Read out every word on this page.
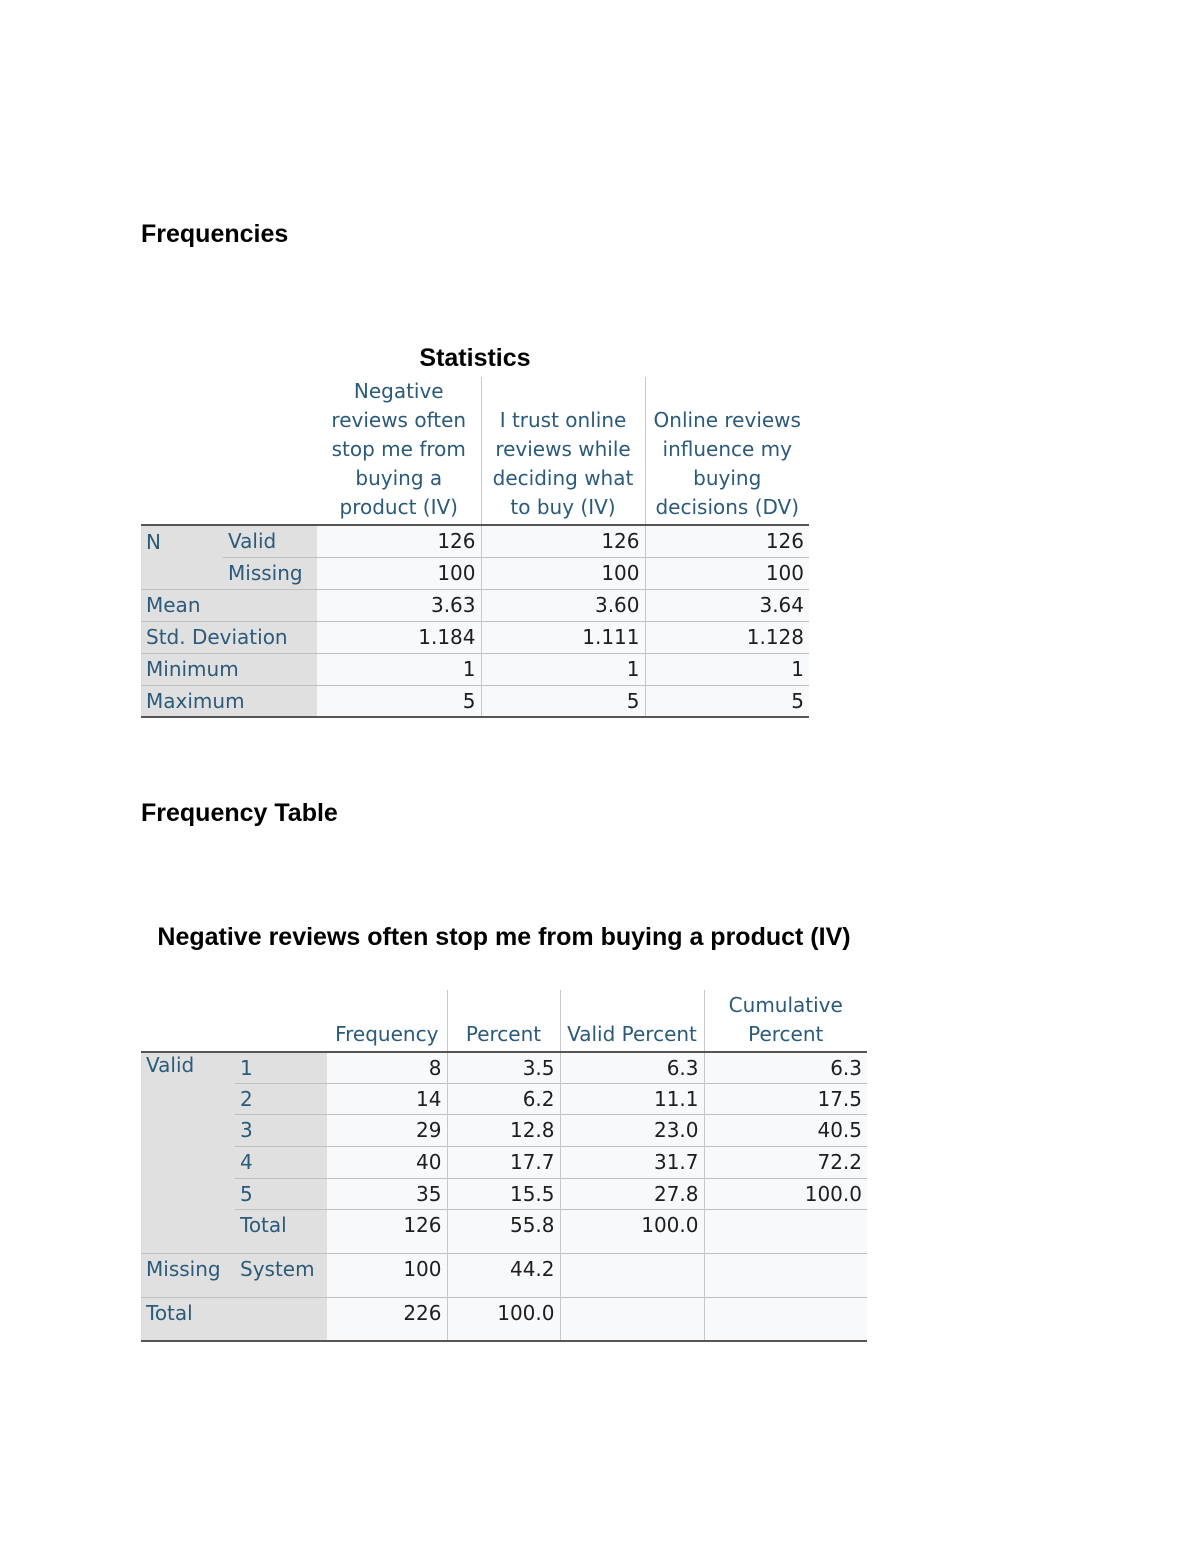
Frequencies
Statistics
		Negative reviews often stop me from buying a product (IV)	I trust online reviews while deciding what to buy (IV)	Online reviews influence my buying decisions (DV)
N	Valid	126	126	126
	Missing	100	100	100
Mean		3.63	3.60	3.64
Std. Deviation		1.184	1.111	1.128
Minimum		1	1	1
Maximum		5	5	5
Frequency Table
Negative reviews often stop me from buying a product (IV)
		Frequency	Percent	Valid Percent	Cumulative Percent
Valid	1	8	3.5	6.3	6.3
	2	14	6.2	11.1	17.5
	3	29	12.8	23.0	40.5
	4	40	17.7	31.7	72.2
	5	35	15.5	27.8	100.0
	Total	126	55.8	100.0	
Missing	System	100	44.2		
Total		226	100.0		
